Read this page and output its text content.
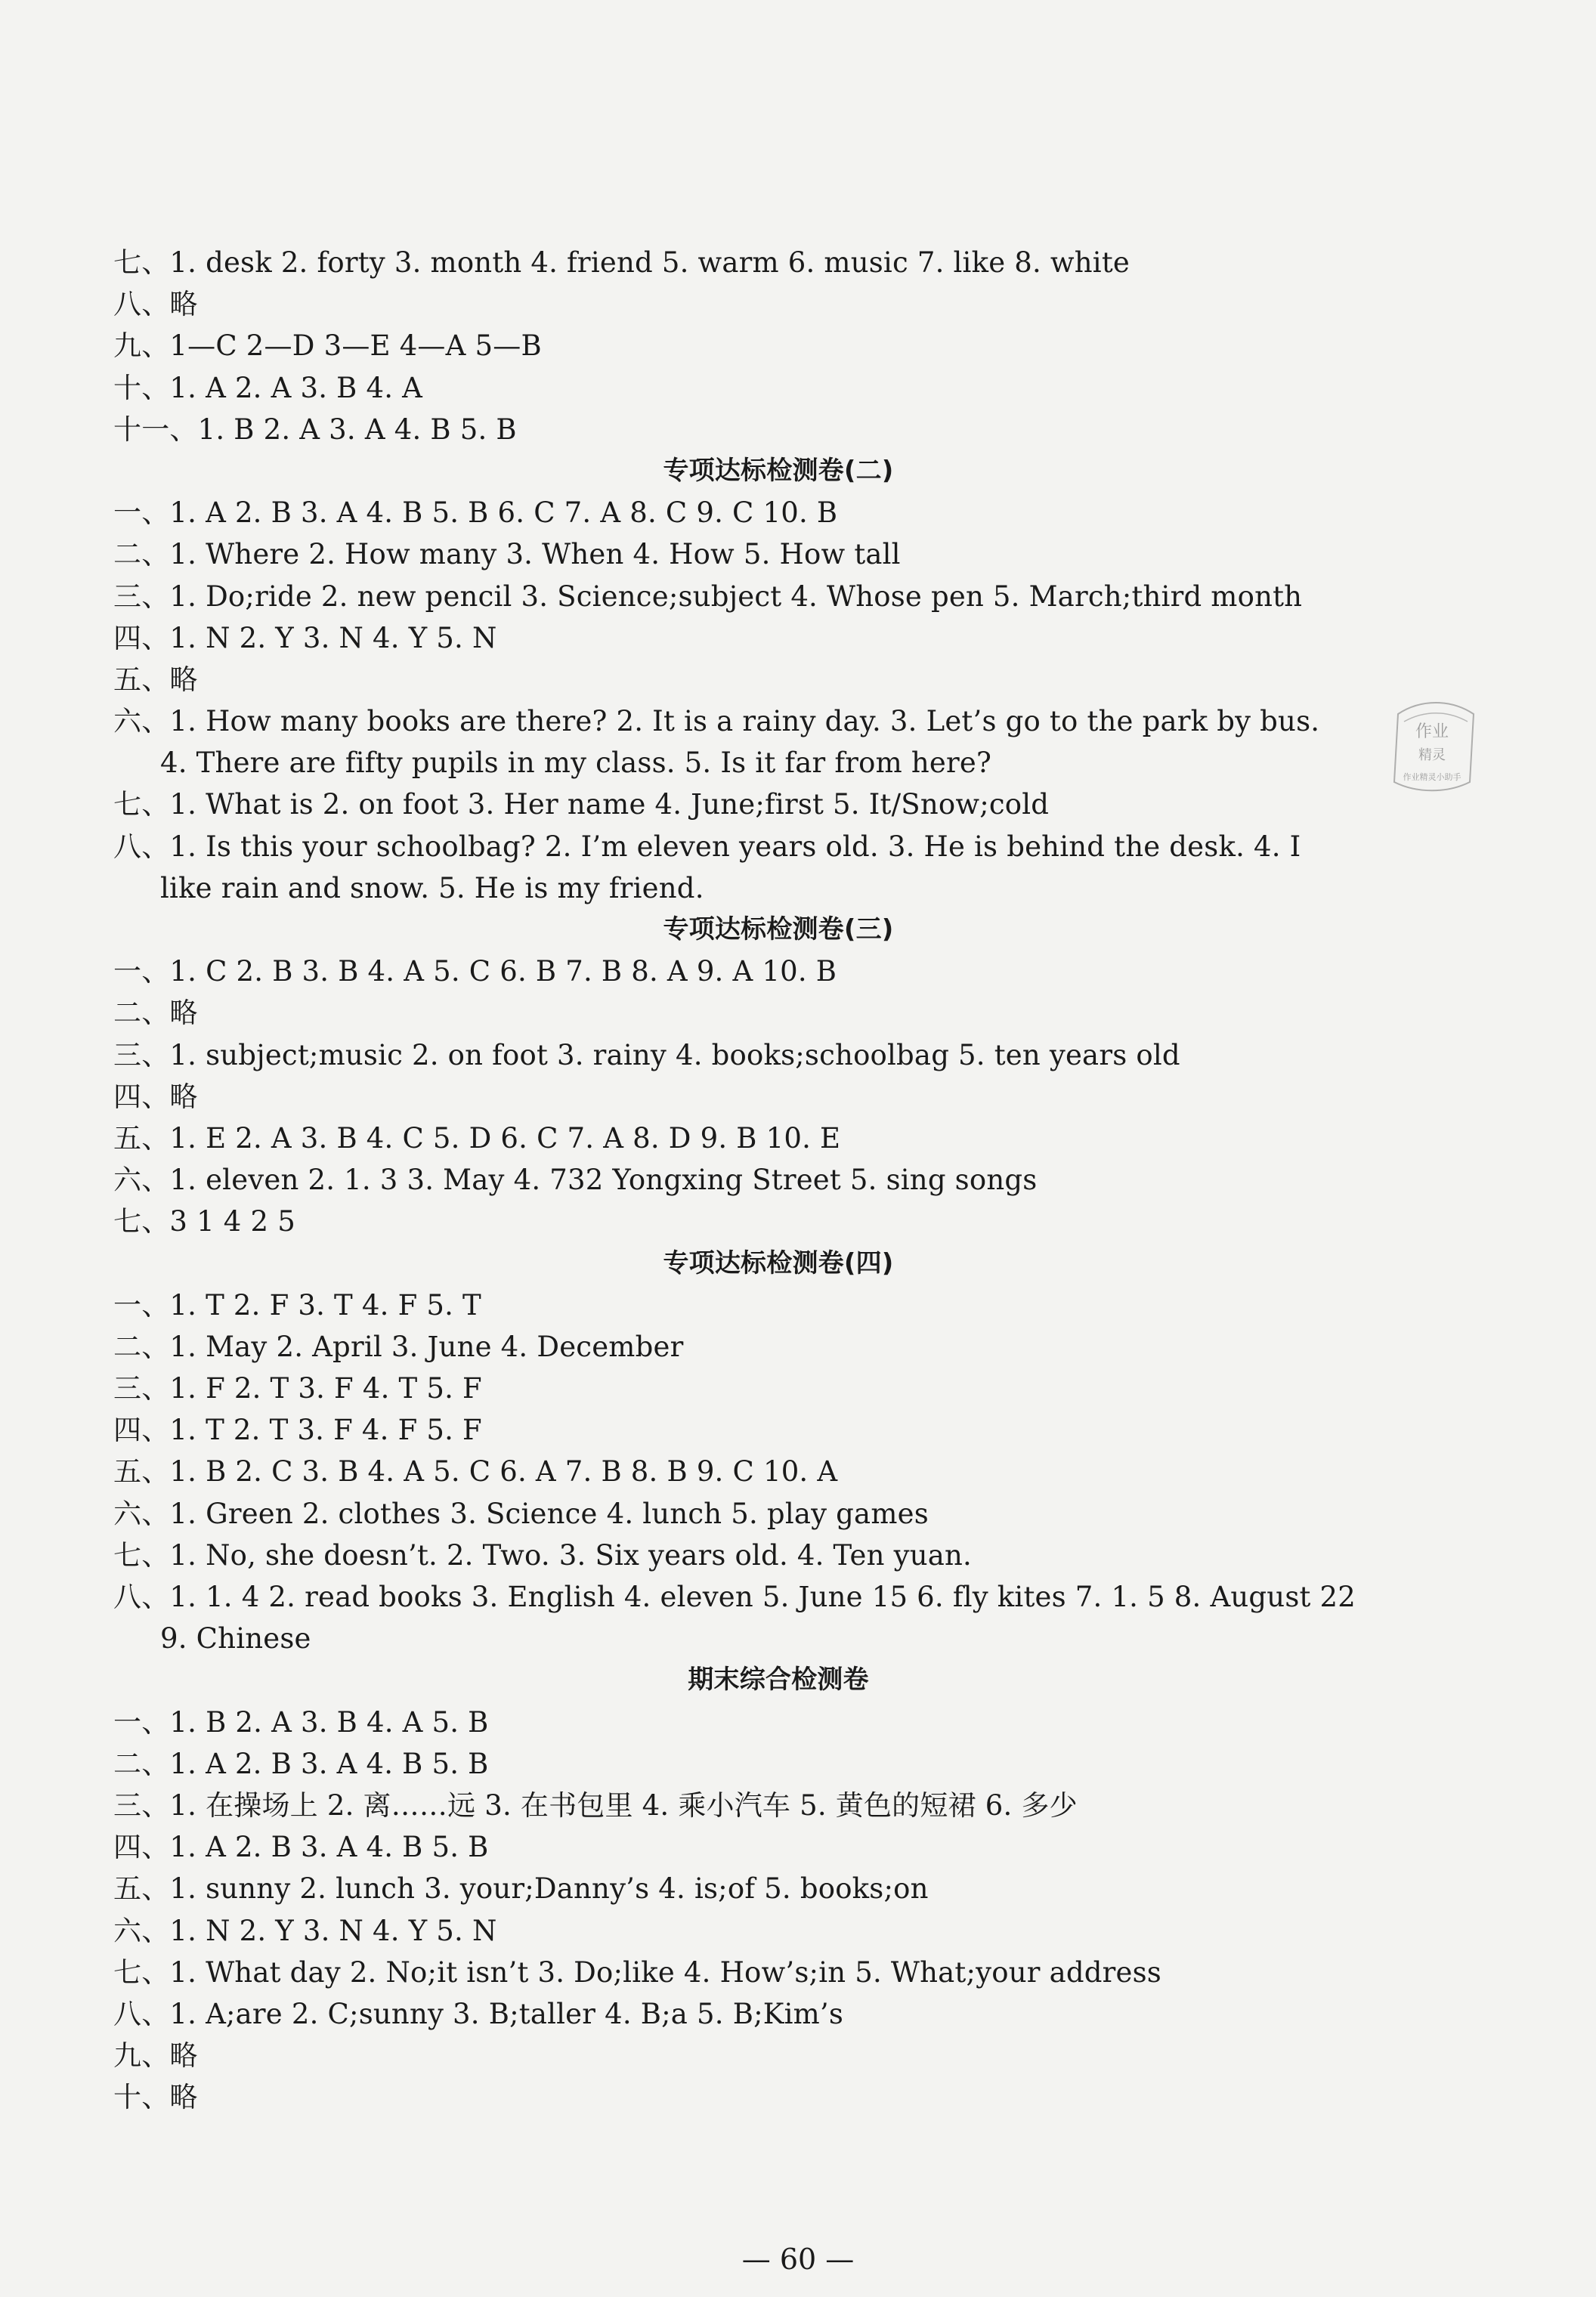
七、1. desk 2. forty 3. month 4. friend 5. warm 6. music 7. like 8. white
八、略
九、1—C 2—D 3—E 4—A 5—B
十、1. A 2. A 3. B 4. A
十一、1. B 2. A 3. A 4. B 5. B
专项达标检测卷(二)
一、1. A 2. B 3. A 4. B 5. B 6. C 7. A 8. C 9. C 10. B
二、1. Where 2. How many 3. When 4. How 5. How tall
三、1. Do;ride 2. new pencil 3. Science;subject 4. Whose pen 5. March;third month
四、1. N 2. Y 3. N 4. Y 5. N
五、略
六、1. How many books are there? 2. It is a rainy day. 3. Let’s go to the park by bus.
4. There are fifty pupils in my class. 5. Is it far from here?
七、1. What is 2. on foot 3. Her name 4. June;first 5. It/Snow;cold
八、1. Is this your schoolbag? 2. I’m eleven years old. 3. He is behind the desk. 4. I
like rain and snow. 5. He is my friend.
专项达标检测卷(三)
一、1. C 2. B 3. B 4. A 5. C 6. B 7. B 8. A 9. A 10. B
二、略
三、1. subject;music 2. on foot 3. rainy 4. books;schoolbag 5. ten years old
四、略
五、1. E 2. A 3. B 4. C 5. D 6. C 7. A 8. D 9. B 10. E
六、1. eleven 2. 1. 3 3. May 4. 732 Yongxing Street 5. sing songs
七、3 1 4 2 5
专项达标检测卷(四)
一、1. T 2. F 3. T 4. F 5. T
二、1. May 2. April 3. June 4. December
三、1. F 2. T 3. F 4. T 5. F
四、1. T 2. T 3. F 4. F 5. F
五、1. B 2. C 3. B 4. A 5. C 6. A 7. B 8. B 9. C 10. A
六、1. Green 2. clothes 3. Science 4. lunch 5. play games
七、1. No, she doesn’t. 2. Two. 3. Six years old. 4. Ten yuan.
八、1. 1. 4 2. read books 3. English 4. eleven 5. June 15 6. fly kites 7. 1. 5 8. August 22
9. Chinese
期末综合检测卷
一、1. B 2. A 3. B 4. A 5. B
二、1. A 2. B 3. A 4. B 5. B
三、1. 在操场上 2. 离……远 3. 在书包里 4. 乘小汽车 5. 黄色的短裙 6. 多少
四、1. A 2. B 3. A 4. B 5. B
五、1. sunny 2. lunch 3. your;Danny’s 4. is;of 5. books;on
六、1. N 2. Y 3. N 4. Y 5. N
七、1. What day 2. No;it isn’t 3. Do;like 4. How’s;in 5. What;your address
八、1. A;are 2. C;sunny 3. B;taller 4. B;a 5. B;Kim’s
九、略
十、略
作业
精灵
作业精灵小助手
— 60 —
